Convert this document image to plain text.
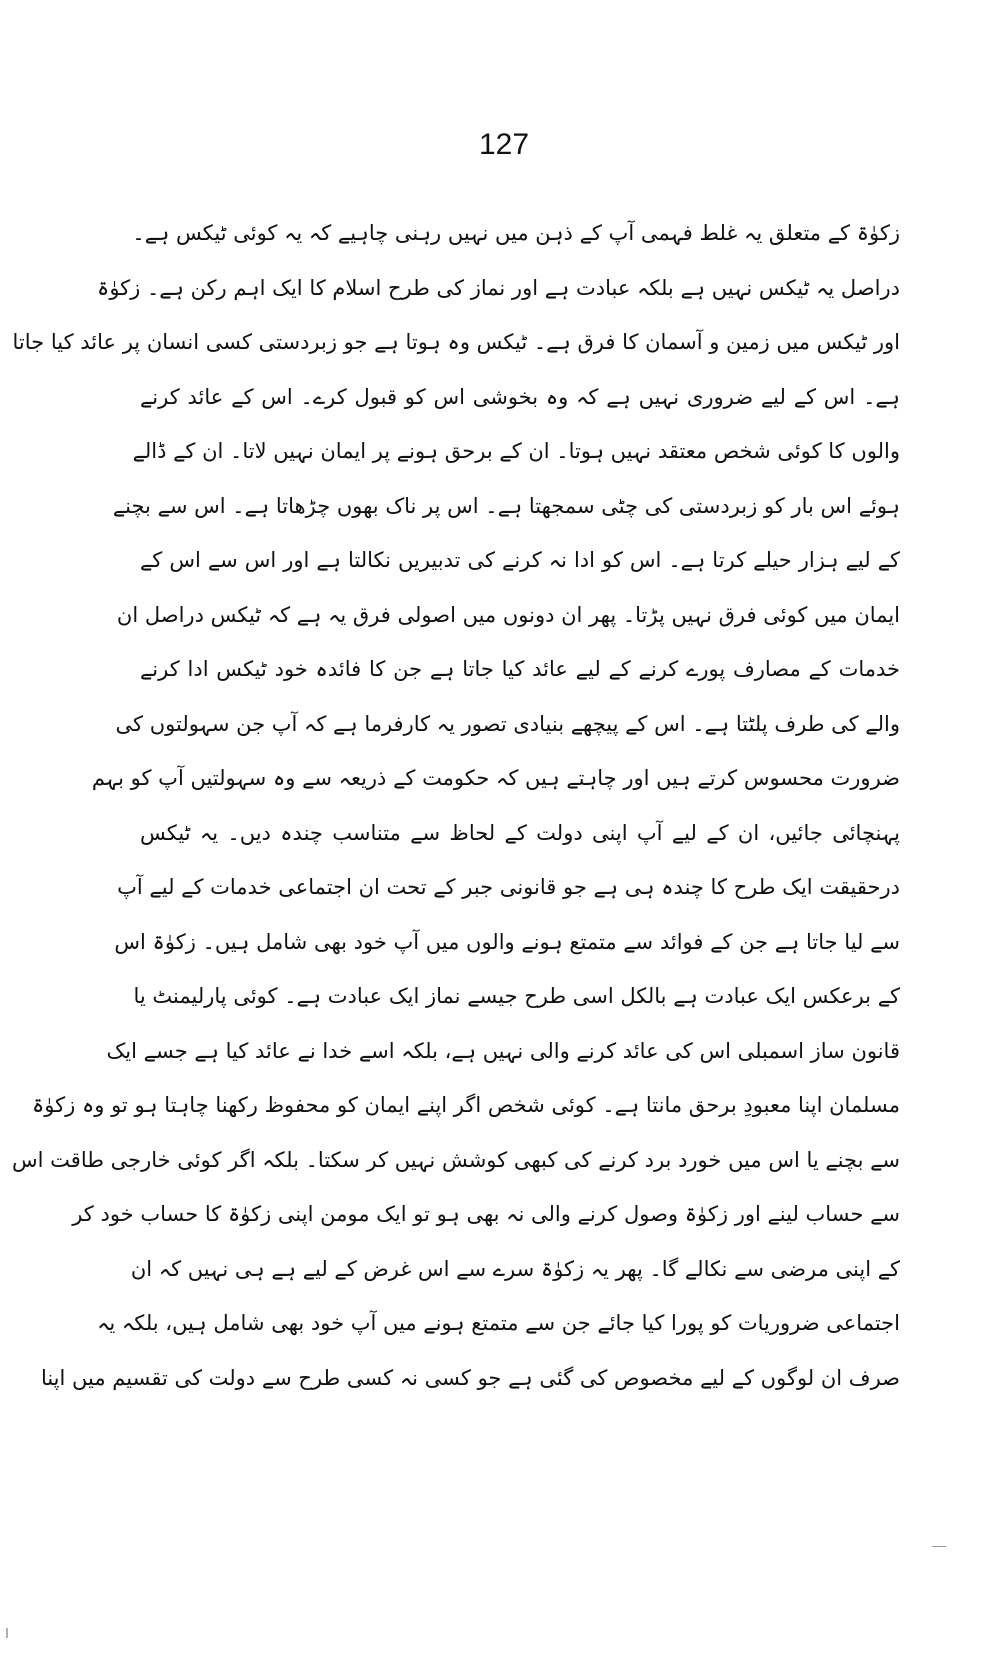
127
زکوٰۃ کے متعلق یہ غلط فہمی آپ کے ذہن میں نہیں رہنی چاہیے کہ یہ کوئی ٹیکس ہے۔
دراصل یہ ٹیکس نہیں ہے بلکہ عبادت ہے اور نماز کی طرح اسلام کا ایک اہم رکن ہے۔ زکوٰۃ
اور ٹیکس میں زمین و آسمان کا فرق ہے۔ ٹیکس وہ ہوتا ہے جو زبردستی کسی انسان پر عائد کیا جاتا
ہے۔ اس کے لیے ضروری نہیں ہے کہ وہ بخوشی اس کو قبول کرے۔ اس کے عائد کرنے
والوں کا کوئی شخص معتقد نہیں ہوتا۔ ان کے برحق ہونے پر ایمان نہیں لاتا۔ ان کے ڈالے
ہوئے اس بار کو زبردستی کی چٹی سمجھتا ہے۔ اس پر ناک بھوں چڑھاتا ہے۔ اس سے بچنے
کے لیے ہزار حیلے کرتا ہے۔ اس کو ادا نہ کرنے کی تدبیریں نکالتا ہے اور اس سے اس کے
ایمان میں کوئی فرق نہیں پڑتا۔ پھر ان دونوں میں اصولی فرق یہ ہے کہ ٹیکس دراصل ان
خدمات کے مصارف پورے کرنے کے لیے عائد کیا جاتا ہے جن کا فائدہ خود ٹیکس ادا کرنے
والے کی طرف پلٹتا ہے۔ اس کے پیچھے بنیادی تصور یہ کارفرما ہے کہ آپ جن سہولتوں کی
ضرورت محسوس کرتے ہیں اور چاہتے ہیں کہ حکومت کے ذریعہ سے وہ سہولتیں آپ کو بہم
پہنچائی جائیں، ان کے لیے آپ اپنی دولت کے لحاظ سے متناسب چندہ دیں۔ یہ ٹیکس
درحقیقت ایک طرح کا چندہ ہی ہے جو قانونی جبر کے تحت ان اجتماعی خدمات کے لیے آپ
سے لیا جاتا ہے جن کے فوائد سے متمتع ہونے والوں میں آپ خود بھی شامل ہیں۔ زکوٰۃ اس
کے برعکس ایک عبادت ہے بالکل اسی طرح جیسے نماز ایک عبادت ہے۔ کوئی پارلیمنٹ یا
قانون ساز اسمبلی اس کی عائد کرنے والی نہیں ہے، بلکہ اسے خدا نے عائد کیا ہے جسے ایک
مسلمان اپنا معبودِ برحق مانتا ہے۔ کوئی شخص اگر اپنے ایمان کو محفوظ رکھنا چاہتا ہو تو وہ زکوٰۃ
سے بچنے یا اس میں خورد برد کرنے کی کبھی کوشش نہیں کر سکتا۔ بلکہ اگر کوئی خارجی طاقت اس
سے حساب لینے اور زکوٰۃ وصول کرنے والی نہ بھی ہو تو ایک مومن اپنی زکوٰۃ کا حساب خود کر
کے اپنی مرضی سے نکالے گا۔ پھر یہ زکوٰۃ سرے سے اس غرض کے لیے ہے ہی نہیں کہ ان
اجتماعی ضروریات کو پورا کیا جائے جن سے متمتع ہونے میں آپ خود بھی شامل ہیں، بلکہ یہ
صرف ان لوگوں کے لیے مخصوص کی گئی ہے جو کسی نہ کسی طرح سے دولت کی تقسیم میں اپنا
